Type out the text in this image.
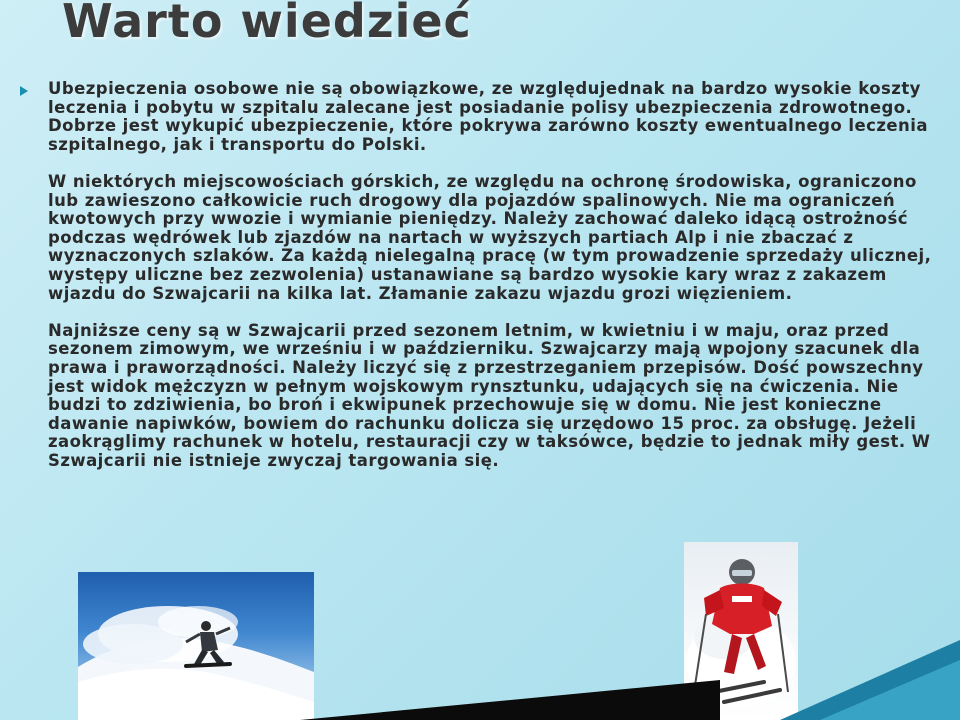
Warto wiedzieć

Ubezpieczenia osobowe nie są obowiązkowe, ze względujednak na bardzo wysokie koszty leczenia i pobytu w szpitalu zalecane jest posiadanie polisy ubezpieczenia zdrowotnego. Dobrze jest wykupić ubezpieczenie, które pokrywa zarówno koszty ewentualnego leczenia szpitalnego, jak i transportu do Polski.

W niektórych miejscowościach górskich, ze względu na ochronę środowiska, ograniczono lub zawieszono całkowicie ruch drogowy dla pojazdów spalinowych. Nie ma ograniczeń kwotowych przy wwozie i wymianie pieniędzy. Należy zachować daleko idącą ostrożność podczas wędrówek lub zjazdów na nartach w wyższych partiach Alp i nie zbaczać z wyznaczonych szlaków. Za każdą nielegalną pracę (w tym prowadzenie sprzedaży ulicznej, występy uliczne bez zezwolenia) ustanawiane są bardzo wysokie kary wraz z zakazem wjazdu do Szwajcarii na kilka lat. Złamanie zakazu wjazdu grozi więzieniem.

Najniższe ceny są w Szwajcarii przed sezonem letnim, w kwietniu i w maju, oraz przed sezonem zimowym, we wrześniu i w październiku. Szwajcarzy mają wpojony szacunek dla prawa i praworządności. Należy liczyć się z przestrzeganiem przepisów. Dość powszechny jest widok mężczyzn w pełnym wojskowym rynsztunku, udających się na ćwiczenia. Nie budzi to zdziwienia, bo broń i ekwipunek przechowuje się w domu. Nie jest konieczne dawanie napiwków, bowiem do rachunku dolicza się urzędowo 15 proc. za obsługę. Jeżeli zaokrąglimy rachunek w hotelu, restauracji czy w taksówce, będzie to jednak miły gest. W Szwajcarii nie istnieje zwyczaj targowania się.
